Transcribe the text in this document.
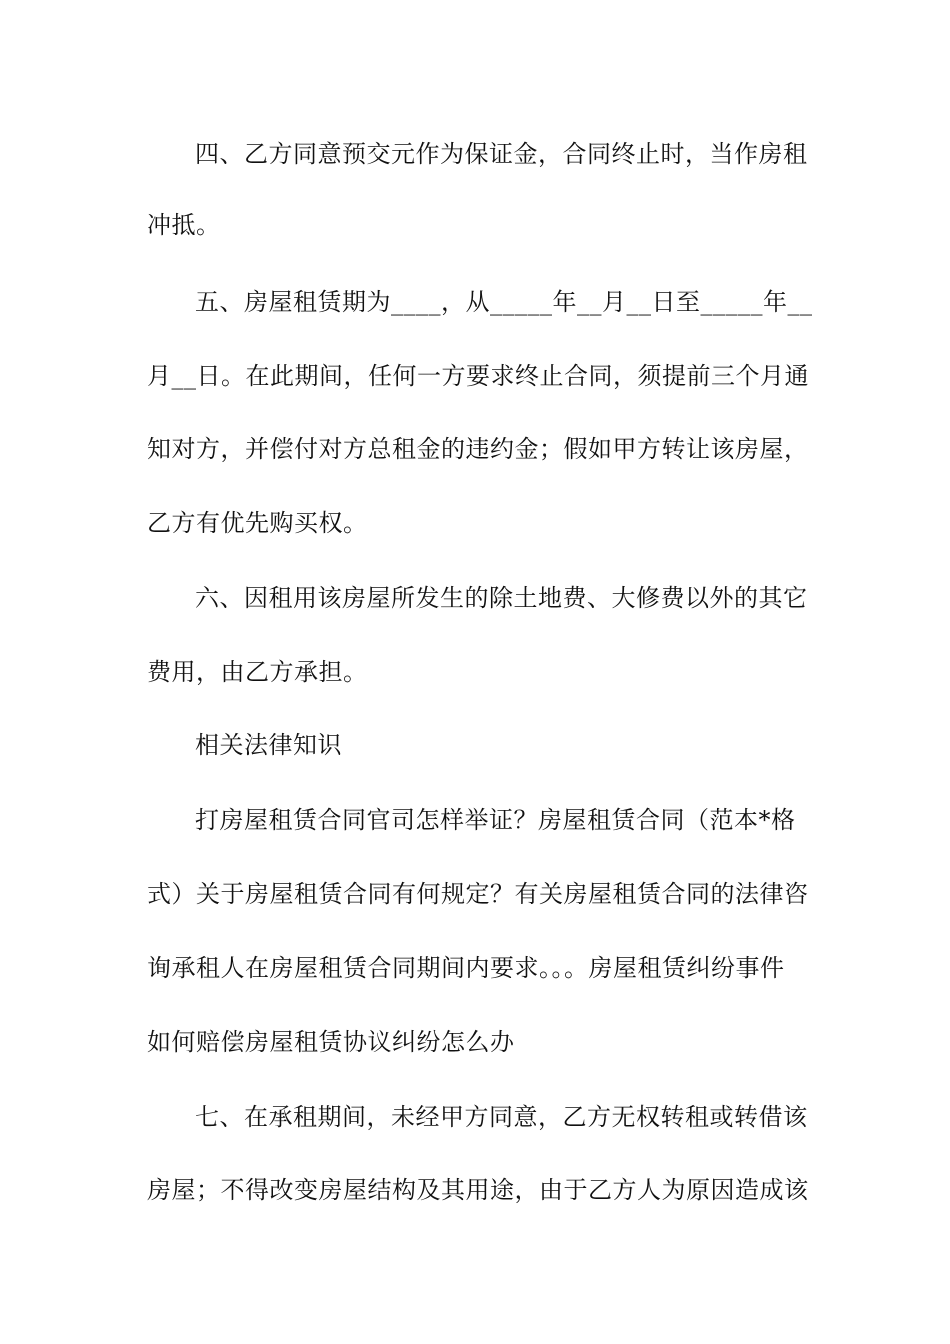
四、乙方同意预交元作为保证金，合同终止时，当作房租
冲抵。
五、房屋租赁期为____，从_____年__月__日至_____年__
月__日。在此期间，任何一方要求终止合同，须提前三个月通
知对方，并偿付对方总租金的违约金；假如甲方转让该房屋，
乙方有优先购买权。
六、因租用该房屋所发生的除土地费、大修费以外的其它
费用，由乙方承担。
相关法律知识
打房屋租赁合同官司怎样举证？房屋租赁合同（范本*格
式）关于房屋租赁合同有何规定？有关房屋租赁合同的法律咨
询承租人在房屋租赁合同期间内要求。。。房屋租赁纠纷事件
如何赔偿房屋租赁协议纠纷怎么办
七、在承租期间，未经甲方同意，乙方无权转租或转借该
房屋；不得改变房屋结构及其用途，由于乙方人为原因造成该
